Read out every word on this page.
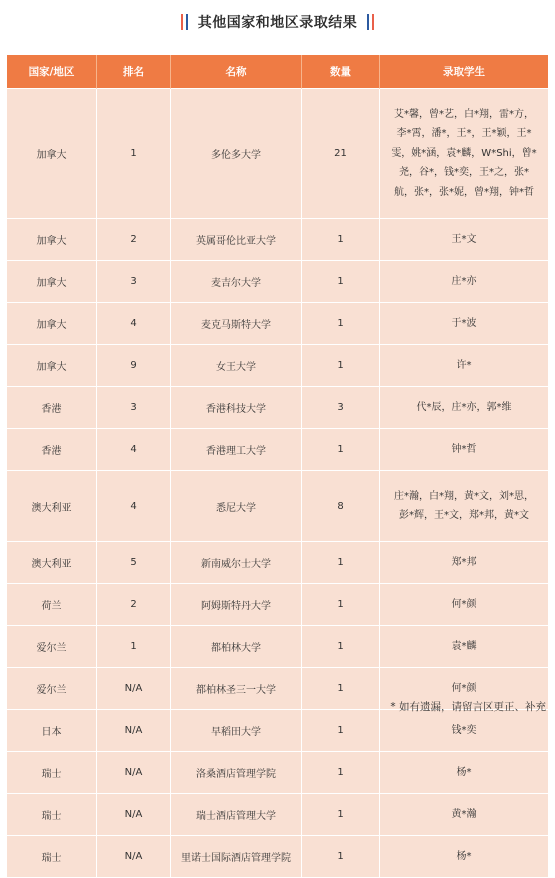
其他国家和地区录取结果
国家/地区	排名	名称	数量	录取学生
加拿大	1	多伦多大学	21	艾*馨，曾*艺，白*翔，雷*方，李*霄，潘*，王*，王*颖，王*雯，姚*涵，袁*麟，W*Shi，曾*尧，谷*，钱*奕，王*之，张*航，张*，张*妮，曾*翔，钟*哲
加拿大	2	英属哥伦比亚大学	1	王*文
加拿大	3	麦吉尔大学	1	庄*亦
加拿大	4	麦克马斯特大学	1	于*波
加拿大	9	女王大学	1	许*
香港	3	香港科技大学	3	代*辰，庄*亦，郭*维
香港	4	香港理工大学	1	钟*哲
澳大利亚	4	悉尼大学	8	庄*瀚，白*翔，黄*文，刘*思，彭*辉，王*文，郑*邦，黄*文
澳大利亚	5	新南威尔士大学	1	郑*邦
荷兰	2	阿姆斯特丹大学	1	何*颜
爱尔兰	1	都柏林大学	1	袁*麟
爱尔兰	N/A	都柏林圣三一大学	1	何*颜
日本	N/A	早稻田大学	1	钱*奕
瑞士	N/A	洛桑酒店管理学院	1	杨*
瑞士	N/A	瑞士酒店管理大学	1	黄*瀚
瑞士	N/A	里诺士国际酒店管理学院	1	杨*
* 如有遗漏，请留言区更正、补充
